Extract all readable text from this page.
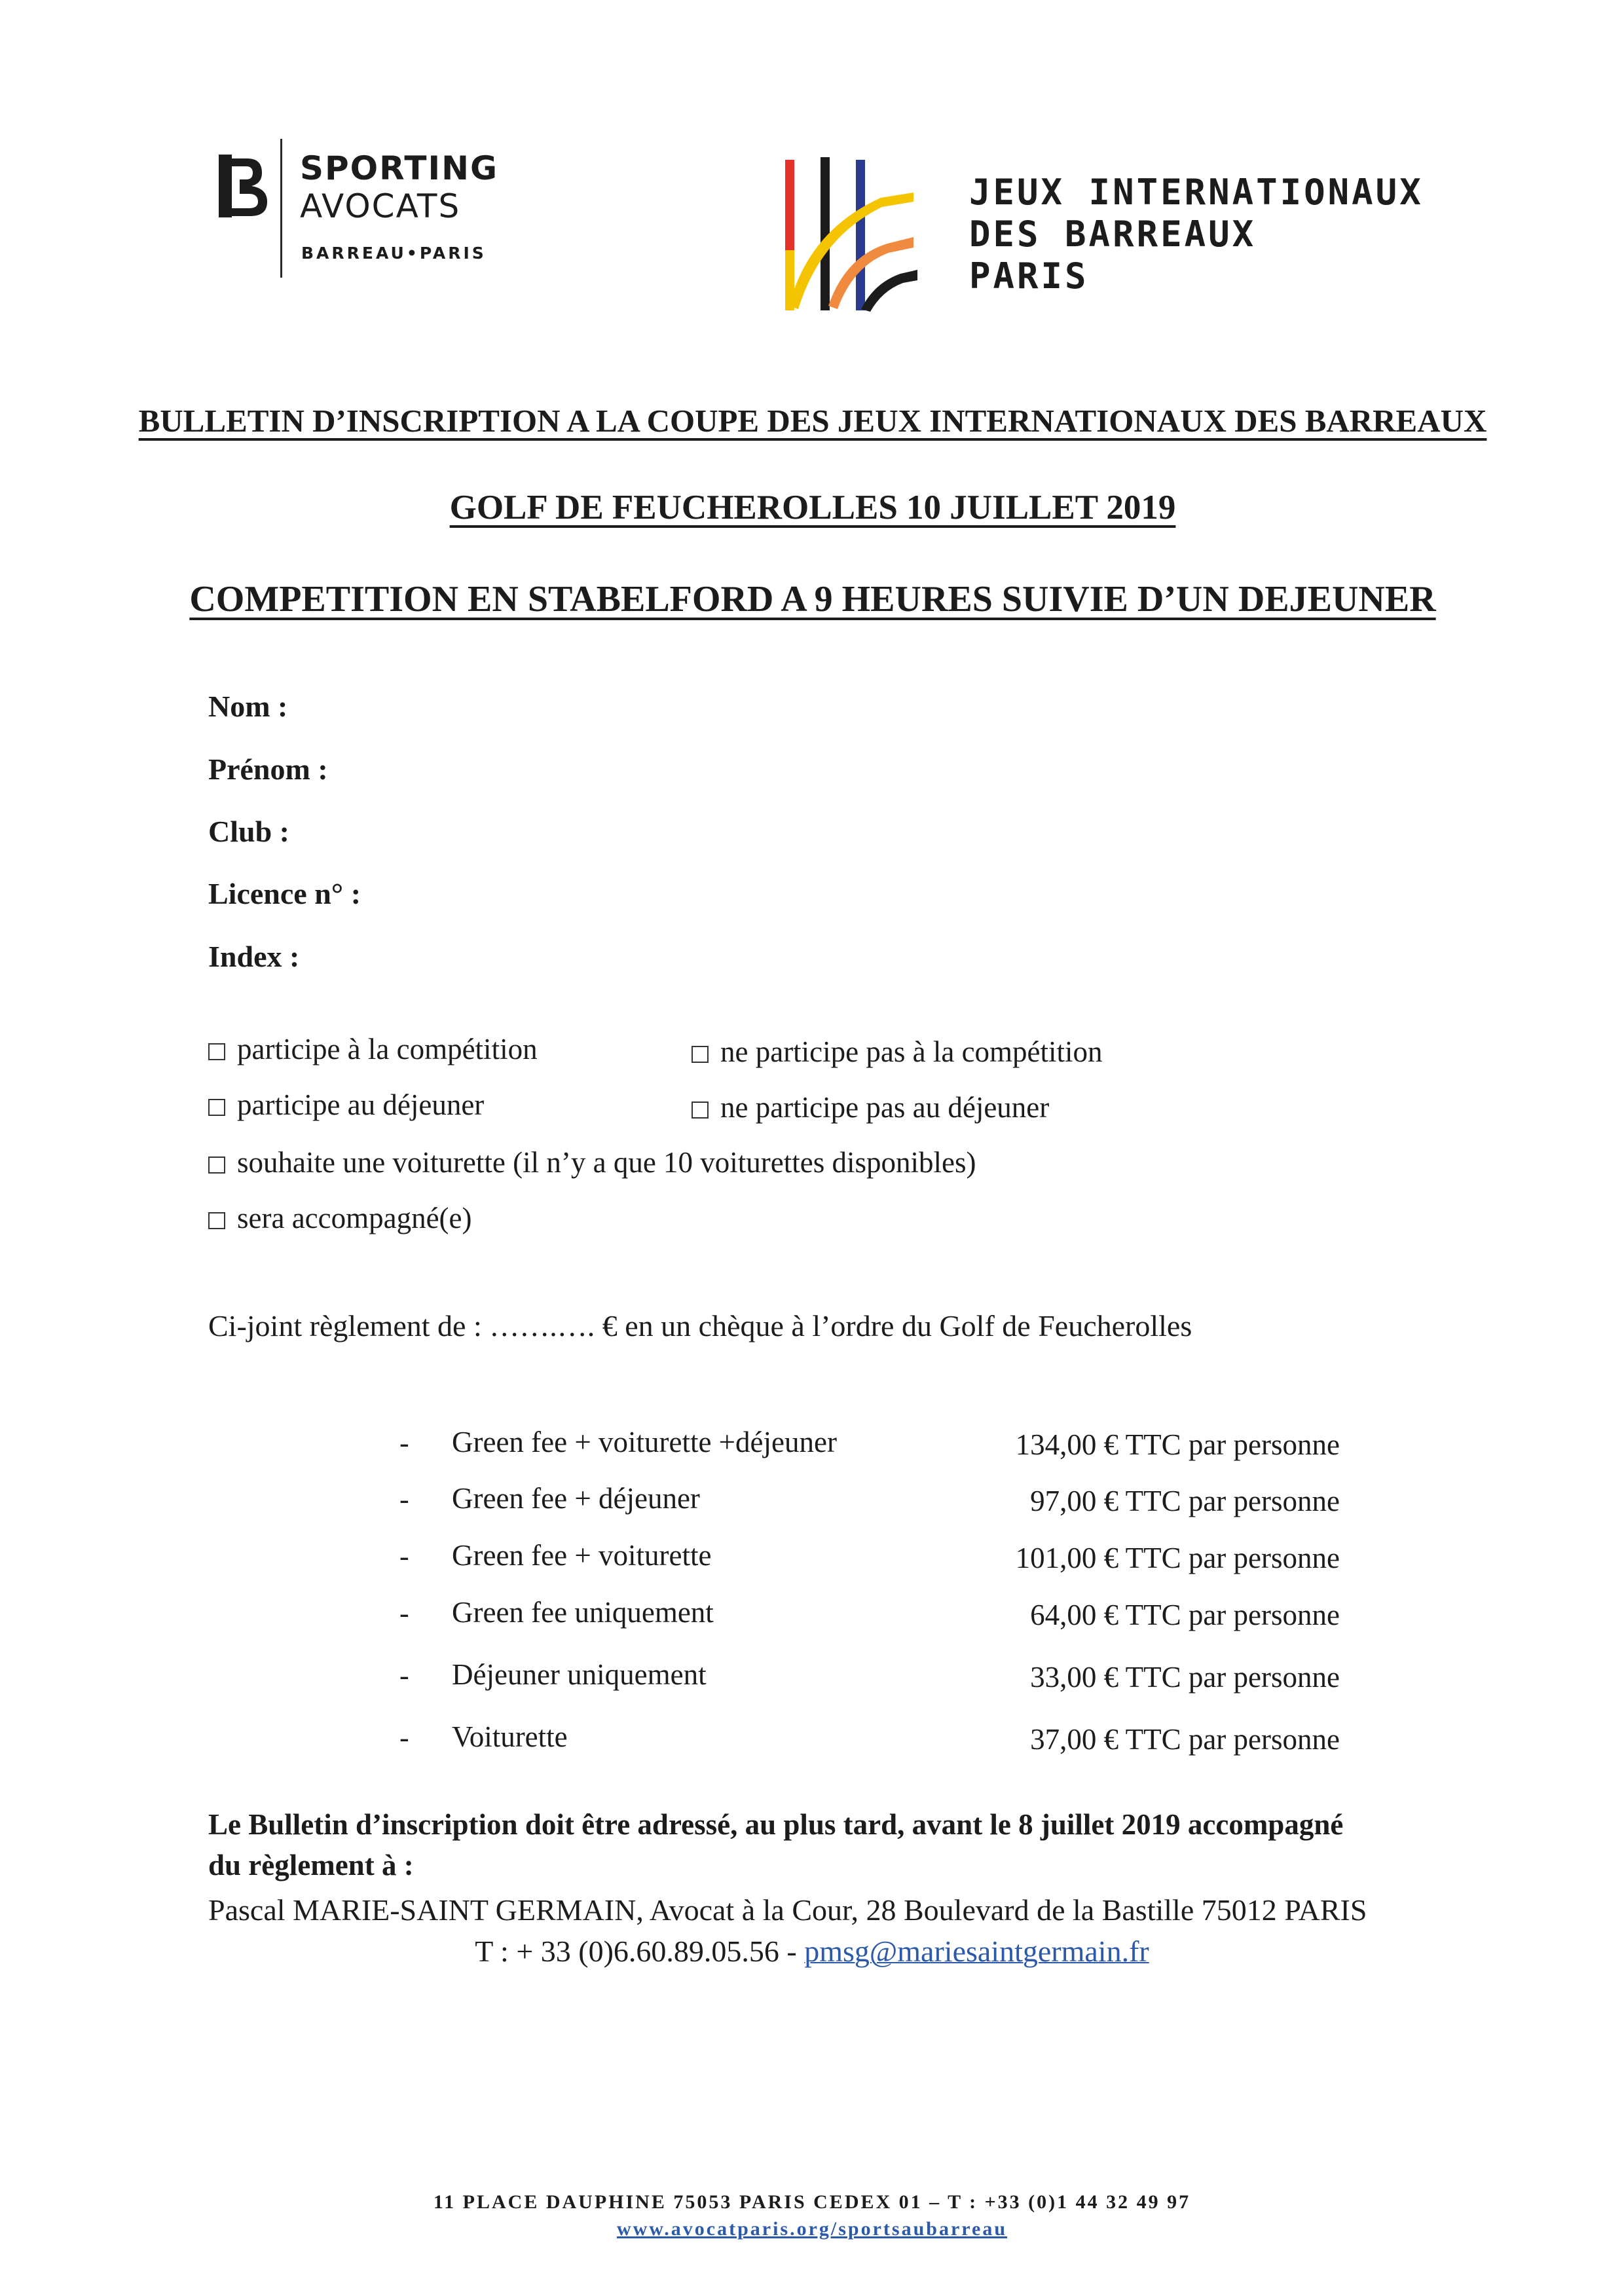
SPORTING
AVOCATS
BARREAU•PARIS
JEUX INTERNATIONAUX
DES BARREAUX
PARIS
BULLETIN D’INSCRIPTION A LA COUPE DES JEUX INTERNATIONAUX DES BARREAUX
GOLF DE FEUCHEROLLES 10 JUILLET 2019
COMPETITION EN STABELFORD A 9 HEURES SUIVIE D’UN DEJEUNER
Nom :
Prénom :
Club :
Licence n° :
Index :
participe à la compétition	ne participe pas à la compétition
participe au déjeuner	ne participe pas au déjeuner
souhaite une voiturette (il n’y a que 10 voiturettes disponibles)
sera accompagné(e)
Ci-joint règlement de : …….…. € en un chèque à l’ordre du Golf de Feucherolles
- Green fee + voiturette +déjeuner	134,00 € TTC par personne
- Green fee + déjeuner	97,00 € TTC par personne
- Green fee + voiturette	101,00 € TTC par personne
- Green fee uniquement	64,00 € TTC par personne
- Déjeuner uniquement	33,00 € TTC par personne
- Voiturette	37,00 € TTC par personne
Le Bulletin d’inscription doit être adressé, au plus tard, avant le 8 juillet 2019 accompagné
du règlement à :
Pascal MARIE-SAINT GERMAIN, Avocat à la Cour, 28 Boulevard de la Bastille 75012 PARIS
T : + 33 (0)6.60.89.05.56 - pmsg@mariesaintgermain.fr
11 PLACE DAUPHINE 75053 PARIS CEDEX 01 – T : +33 (0)1 44 32 49 97
www.avocatparis.org/sportsaubarreau
